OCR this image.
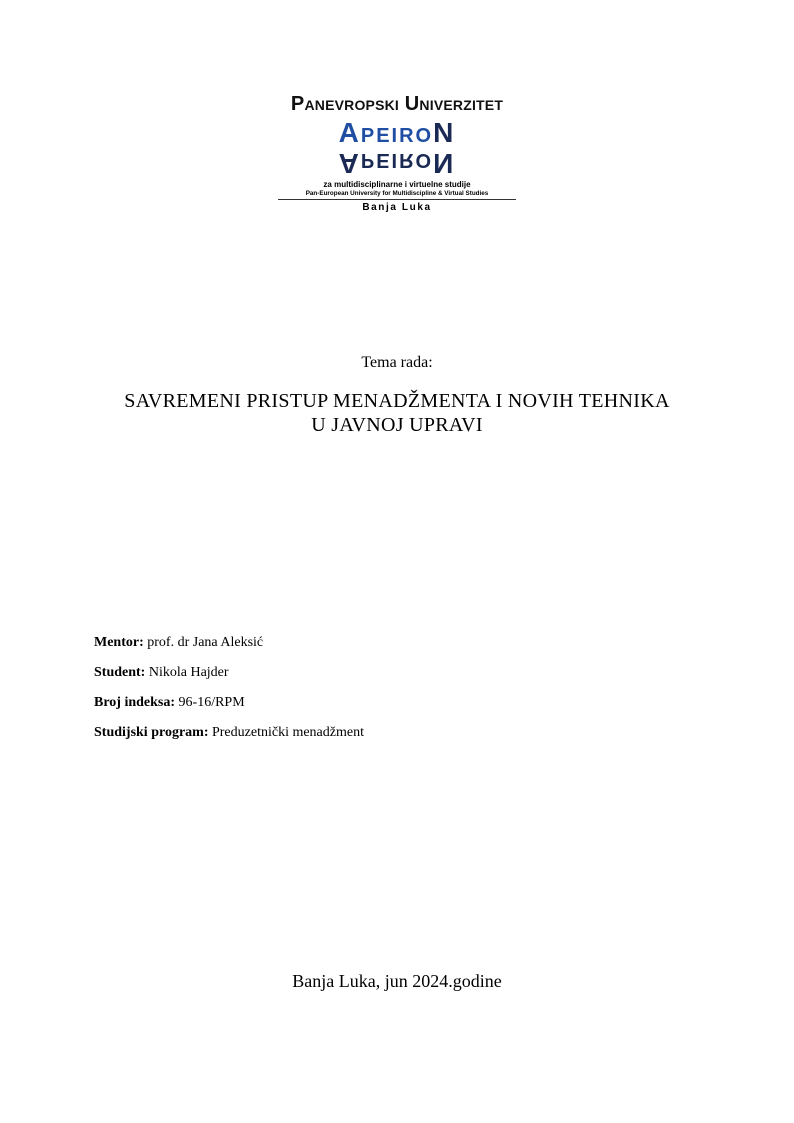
Panevropski Univerzitet
ApeiroN
ApeiroN
za multidisciplinarne i virtuelne studije
Pan-European University for Multidiscipline & Virtual Studies
Banja Luka
Tema rada:
SAVREMENI PRISTUP MENADŽMENTA I NOVIH TEHNIKA
U JAVNOJ UPRAVI
Mentor: prof. dr Jana Aleksić
Student: Nikola Hajder
Broj indeksa: 96-16/RPM
Studijski program: Preduzetnički menadžment
Banja Luka, jun 2024.godine
